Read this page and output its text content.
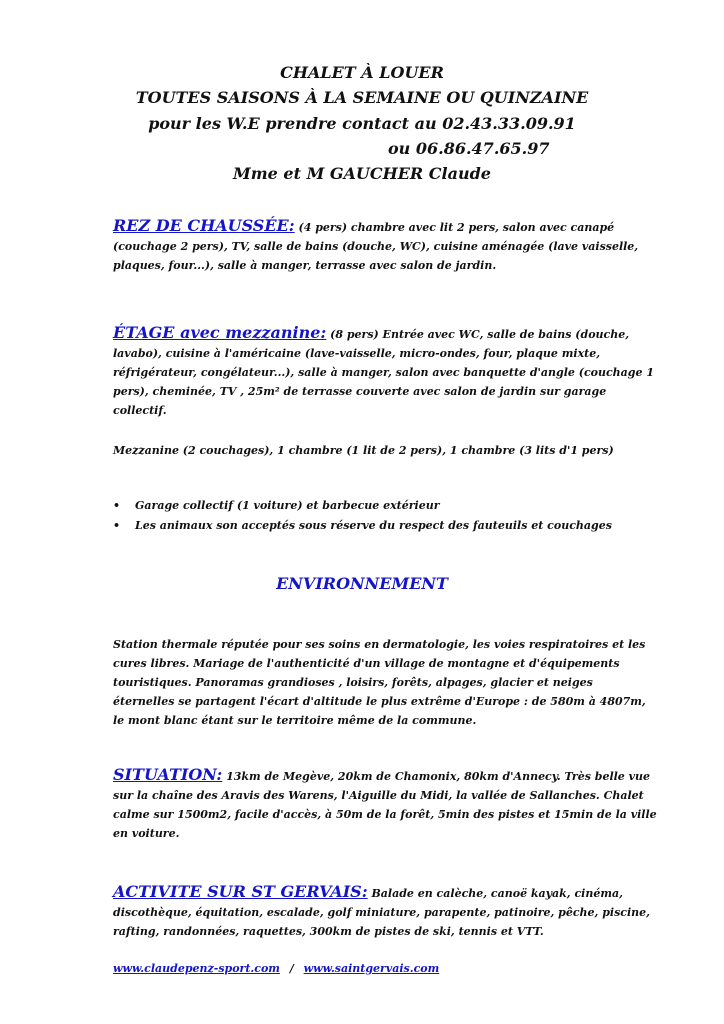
CHALET À LOUER
TOUTES SAISONS À LA SEMAINE OU QUINZAINE
pour les W.E prendre contact au 02.43.33.09.91
ou 06.86.47.65.97
Mme et M GAUCHER Claude
REZ DE CHAUSSÉE: (4 pers) chambre avec lit 2 pers, salon avec canapé (couchage 2 pers), TV, salle de bains (douche, WC), cuisine aménagée (lave vaisselle, plaques, four...), salle à manger, terrasse avec salon de jardin.
ÉTAGE avec mezzanine: (8 pers) Entrée avec WC, salle de bains (douche, lavabo), cuisine à l'américaine (lave-vaisselle, micro-ondes, four, plaque mixte, réfrigérateur, congélateur...), salle à manger, salon avec banquette d'angle (couchage 1 pers), cheminée, TV , 25m² de terrasse couverte avec salon de jardin sur garage collectif.
Mezzanine (2 couchages), 1 chambre (1 lit de 2 pers), 1 chambre (3 lits d'1 pers)
•	Garage collectif (1 voiture) et barbecue extérieur
•	Les animaux son acceptés sous réserve du respect des fauteuils et couchages
ENVIRONNEMENT
Station thermale réputée pour ses soins en dermatologie, les voies respiratoires et les cures libres. Mariage de l'authenticité d'un village de montagne et d'équipements touristiques. Panoramas grandioses , loisirs, forêts, alpages, glacier et neiges éternelles se partagent l'écart d'altitude le plus extrême d'Europe : de 580m à 4807m, le mont blanc étant sur le territoire même de la commune.
SITUATION: 13km de Megève, 20km de Chamonix, 80km d'Annecy. Très belle vue sur la chaîne des Aravis des Warens, l'Aiguille du Midi, la vallée de Sallanches. Chalet calme sur 1500m2, facile d'accès, à 50m de la forêt, 5min des pistes et 15min de la ville en voiture.
ACTIVITE SUR ST GERVAIS: Balade en calèche, canoë kayak, cinéma, discothèque, équitation, escalade, golf miniature, parapente, patinoire, pêche, piscine, rafting, randonnées, raquettes, 300km de pistes de ski, tennis et VTT.
www.claudepenz-sport.com / www.saintgervais.com
